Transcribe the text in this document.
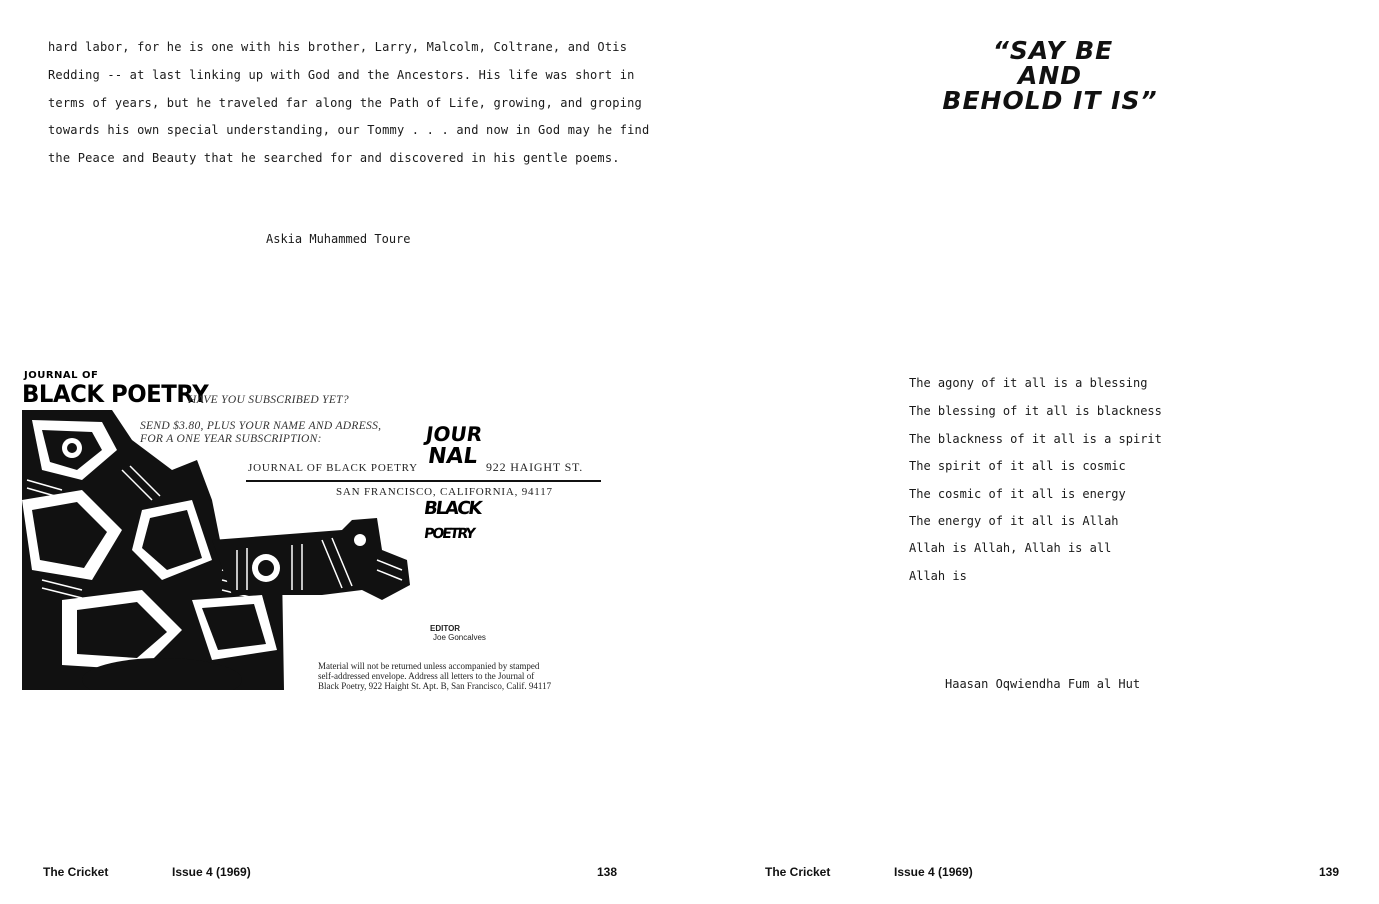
hard labor, for he is one with his brother, Larry, Malcolm, Coltrane, and Otis
Redding -- at last linking up with God and the Ancestors. His life was short in
terms of years, but he traveled far along the Path of Life, growing, and groping
towards his own special understanding, our Tommy . . . and now in God may he find
the Peace and Beauty that he searched for and discovered in his gentle poems.
Askia Muhammed Toure
JOURNAL OF
BLACK POETRY
HAVE YOU SUBSCRIBED YET?
SEND $3.80, PLUS YOUR NAME AND ADRESS,
FOR A ONE YEAR SUBSCRIPTION:
JOURNAL OF BLACK POETRY	922 HAIGHT ST.
SAN FRANCISCO, CALIFORNIA, 94117
JOUR
NAL
BLACK
POETRY
EDITOR
Joe Goncalves
Material will not be returned unless accompanied by stamped
self-addressed envelope. Address all letters to the Journal of
Black Poetry, 922 Haight St. Apt. B, San Francisco, Calif. 94117
The Cricket	Issue 4 (1969)	138
“SAY BE
AND
BEHOLD IT IS”
The agony of it all is a blessing
The blessing of it all is blackness
The blackness of it all is a spirit
The spirit of it all is cosmic
The cosmic of it all is energy
The energy of it all is Allah
Allah is Allah, Allah is all
Allah is
Haasan Oqwiendha Fum al Hut
The Cricket	Issue 4 (1969)	139
